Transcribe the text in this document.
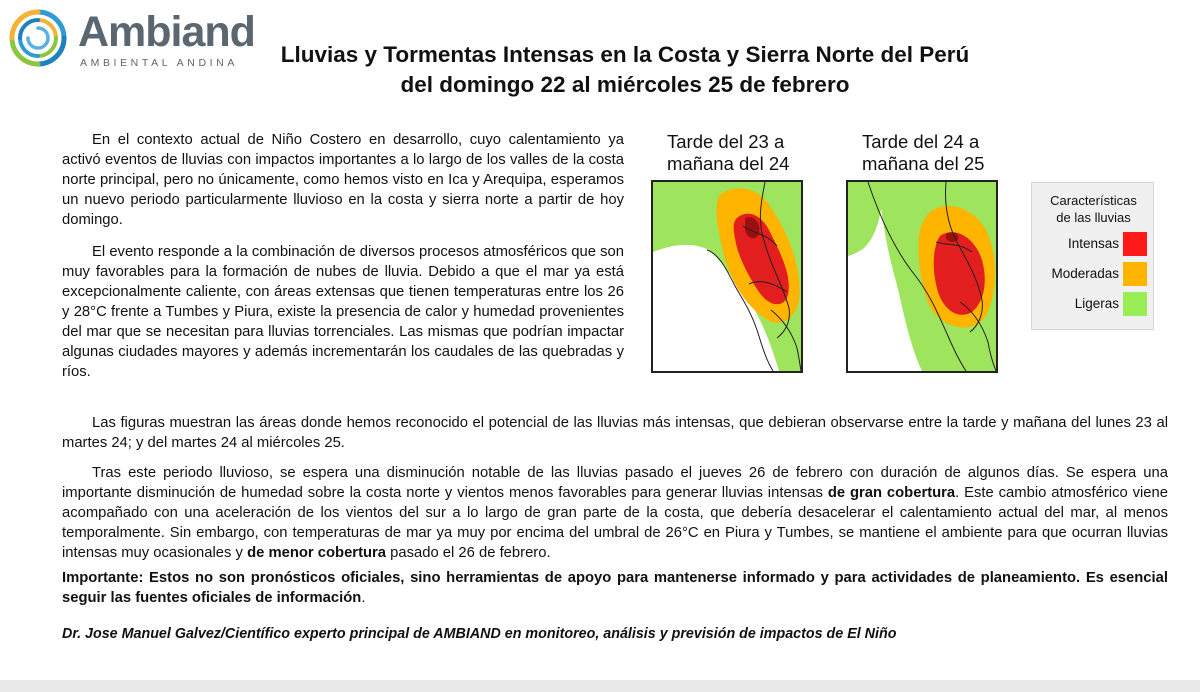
Ambiand
AMBIENTAL ANDINA	Lluvias y Tormentas Intensas en la Costa y Sierra Norte del Perú
del domingo 22 al miércoles 25 de febrero

En el contexto actual de Niño Costero en desarrollo, cuyo calentamiento ya activó eventos de lluvias con impactos importantes a lo largo de los valles de la costa norte principal, pero no únicamente, como hemos visto en Ica y Arequipa, esperamos un nuevo periodo particularmente lluvioso en la costa y sierra norte a partir de hoy domingo.

El evento responde a la combinación de diversos procesos atmosféricos que son muy favorables para la formación de nubes de lluvia. Debido a que el mar ya está excepcionalmente caliente, con áreas extensas que tienen temperaturas entre los 26 y 28°C frente a Tumbes y Piura, existe la presencia de calor y humedad provenientes del mar que se necesitan para lluvias torrenciales. Las mismas que podrían impactar algunas ciudades mayores y además incrementarán los caudales de las quebradas y ríos.

Las figuras muestran las áreas donde hemos reconocido el potencial de las lluvias más intensas, que debieran observarse entre la tarde y mañana del lunes 23 al martes 24; y del martes 24 al miércoles 25.

Tras este periodo lluvioso, se espera una disminución notable de las lluvias pasado el jueves 26 de febrero con duración de algunos días. Se espera una importante disminución de humedad sobre la costa norte y vientos menos favorables para generar lluvias intensas de gran cobertura. Este cambio atmosférico viene acompañado con una aceleración de los vientos del sur a lo largo de gran parte de la costa, que debería desacelerar el calentamiento actual del mar, al menos temporalmente. Sin embargo, con temperaturas de mar ya muy por encima del umbral de 26°C en Piura y Tumbes, se mantiene el ambiente para que ocurran lluvias intensas muy ocasionales y de menor cobertura pasado el 26 de febrero.

Importante: Estos no son pronósticos oficiales, sino herramientas de apoyo para mantenerse informado y para actividades de planeamiento. Es esencial seguir las fuentes oficiales de información.

Dr. Jose Manuel Galvez/Científico experto principal de AMBIAND en monitoreo, análisis y previsión de impactos de El Niño
Tarde del 23 a
mañana del 24
Tarde del 24 a
mañana del 25
Características
de las lluvias
Intensas
Moderadas
Ligeras
